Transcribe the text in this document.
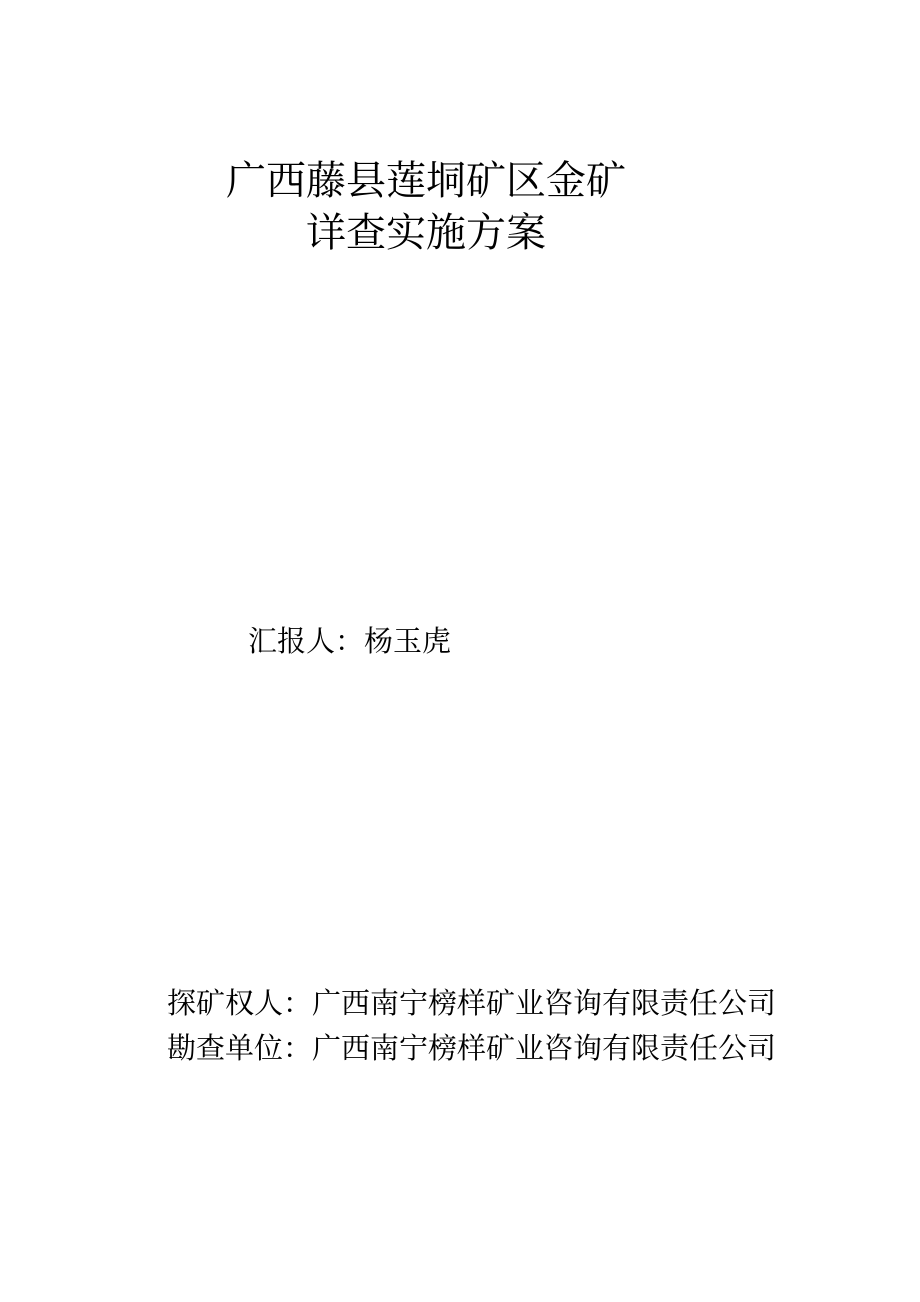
广西藤县莲垌矿区金矿
详查实施方案
汇报人：杨玉虎
探矿权人：广西南宁榜样矿业咨询有限责任公司
勘查单位：广西南宁榜样矿业咨询有限责任公司
